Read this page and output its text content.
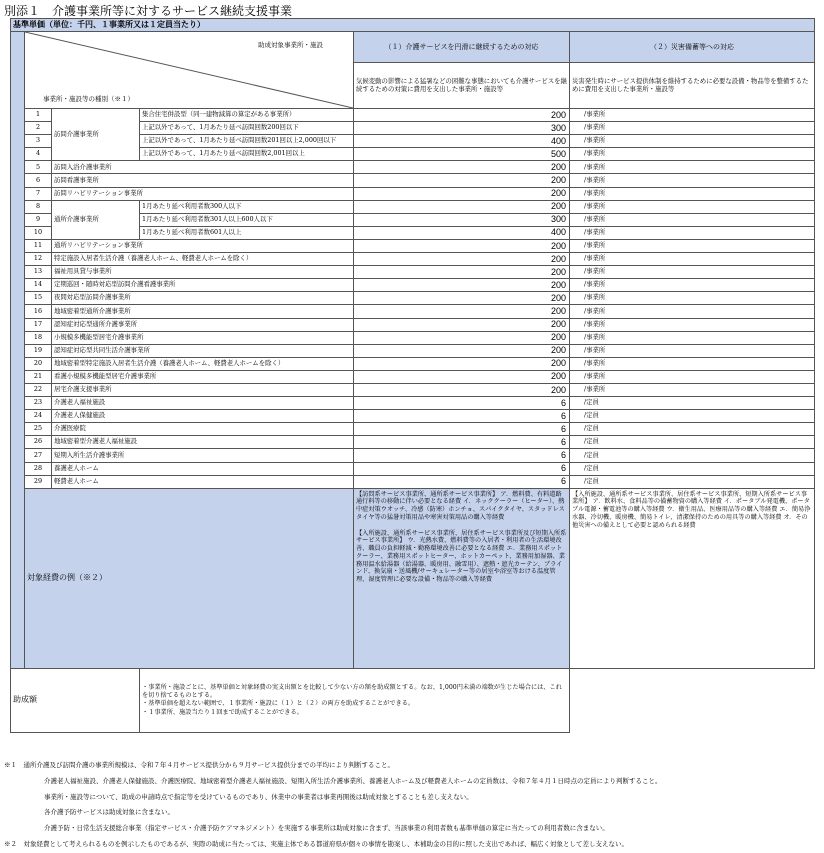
別添１　介護事業所等に対するサービス継続支援事業
基準単価（単位：千円、１事業所又は１定員当たり）					

	助成対象事業所・施設
事業所・施設等の種別（※１）			（１）介護サービスを円滑に継続するための対応	（２）災害備蓄等への対応
				気候変動の影響による猛暑などの困難な事態においても介護サービスを継続するための対策に費用を支出した事業所・施設等	災害発生時にサービス提供体制を維持するために必要な設備・物品等を整備するために費用を支出した事業所・施設等
	1	訪問介護事業所	集合住宅併設型（同一建物減算の算定がある事業所）	200	/事業所
	2		上記以外であって、1月あたり延べ訪問回数200回以下	300	/事業所
	3		上記以外であって、1月あたり延べ訪問回数201回以上2,000回以下	400	/事業所
	4		上記以外であって、1月あたり延べ訪問回数2,001回以上	500	/事業所
	5	訪問入浴介護事業所		200	/事業所
	6	訪問看護事業所		200	/事業所
	7	訪問リハビリテーション事業所		200	/事業所
	8	通所介護事業所	1月あたり延べ利用者数300人以下	200	/事業所
	9		1月あたり延べ利用者数301人以上600人以下	300	/事業所
	10		1月あたり延べ利用者数601人以上	400	/事業所
	11	通所リハビリテーション事業所		200	/事業所
	12	特定施設入居者生活介護（養護老人ホーム、軽費老人ホームを除く）		200	/事業所
	13	福祉用具貸与事業所		200	/事業所
	14	定期巡回・随時対応型訪問介護看護事業所		200	/事業所
	15	夜間対応型訪問介護事業所		200	/事業所
	16	地域密着型通所介護事業所		200	/事業所
	17	認知症対応型通所介護事業所		200	/事業所
	18	小規模多機能型居宅介護事業所		200	/事業所
	19	認知症対応型共同生活介護事業所		200	/事業所
	20	地域密着型特定施設入居者生活介護（養護老人ホーム、軽費老人ホームを除く）		200	/事業所
	21	看護小規模多機能型居宅介護事業所		200	/事業所
	22	居宅介護支援事業所		200	/事業所
	23	介護老人福祉施設		6	/定員
	24	介護老人保健施設		6	/定員
	25	介護医療院		6	/定員
	26	地域密着型介護老人福祉施設		6	/定員
	27	短期入所生活介護事業所		6	/定員
	28	養護老人ホーム		6	/定員
	29	軽費老人ホーム		6	/定員
	対象経費の例（※２）			【訪問系サービス事業所、通所系サービス事業所】 ア．燃料費、有料道路通行料等の移動に伴い必要となる経費 イ．ネッククーラー（ヒーター）、熱中症対策ウオッチ、冷感（防寒）ホンチョ、スパイクタイヤ、スタッドレスタイヤ等の猛暑対策用品や寒害対策用品の購入等経費

【入所施設、通所系サービス事業所、居住系サービス事業所及び短期入所系サービス事業所】 ウ．光熱水費、燃料費等の入居者・利用者の生活環境改善、職員の負担軽減・勤務環境改善に必要となる経費 エ．業務用スポットクーラー、業務用スポットヒーター、ホットカーペット、業務用加湿器、業務用温水給湯器（給湯器、暖房用、融雪用）、遮熱・遮光カーテン、ブラインド、換気扇・送風機/サーキュレーター等の居室や浴室等おける温度管理、湿度管理に必要な設備・物品等の購入等経費	【入所施設、通所系サービス事業所、居住系サービス事業所、短期入所系サービス事業所】 ア．飲料水、食料品等の備蓄物資の購入等経費 イ．ポータブル発電機、ポータブル電源・蓄電池等の購入等経費 ウ．衛生用品、医療用品等の購入等経費 エ．簡易浄水器、冷切機、暖房機、簡易トイレ、清潔保持のための用具等の購入等経費 オ．その他災害への備えとして必要と認められる経費
助成額			・事業所・施設ごとに、基準単価と対象経費の実支出額とを比較して少ない方の額を助成額とする。なお、1,000円未満の端数が生じた場合には、これを切り捨てるものとする。
・基準単価を超えない範囲で、１事業所・施設に（１）と（２）の両方を助成することができる。
・１事業所、施設当たり１回まで助成することができる。		
※１　通所介護及び訪問介護の事業所規模は、令和７年４月サービス提供分から９月サービス提供分までの平均により判断すること。
介護老人福祉施設、介護老人保健施設、介護医療院、地域密着型介護老人福祉施設、短期入所生活介護事業所、養護老人ホーム及び軽費老人ホームの定員数は、令和７年４月１日時点の定員により判断すること。
事業所・施設等について、助成の申請時点で指定等を受けているものであり、休業中の事業者は事業再開後は助成対象とすることも差し支えない。
各介護予防サービスは助成対象に含まない。
介護予防・日常生活支援総合事業（指定サービス・介護予防ケアマネジメント）を実施する事業所は助成対象に含まず、当該事業の利用者数も基準単価の算定に当たっての利用者数に含まない。
※２　対象経費として考えられるものを例示したものであるが、実際の助成に当たっては、実施主体である都道府県が個々の事情を勘案し、本補助金の目的に照した支出であれば、幅広く対象として差し支えない。
